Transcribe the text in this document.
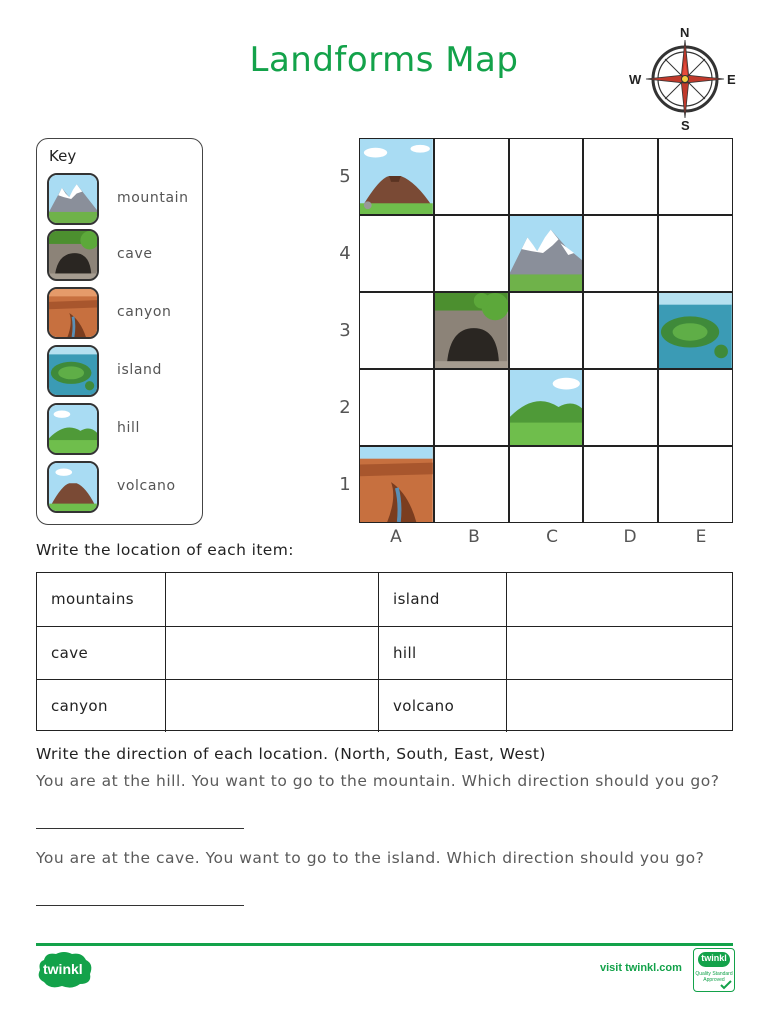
Landforms Map
N
S
E
W
Key
mountain
cave
canyon
island
hill
volcano
5
4
3
2
1
A	B	C	D	E
Write the location of each item:
mountains	island
cave	hill
canyon	volcano
Write the direction of each location. (North, South, East, West)
You are at the hill. You want to go to the mountain. Which direction should you go?
You are at the cave. You want to go to the island. Which direction should you go?
twinkl	visit twinkl.com
twinkl
Quality Standard Approved
